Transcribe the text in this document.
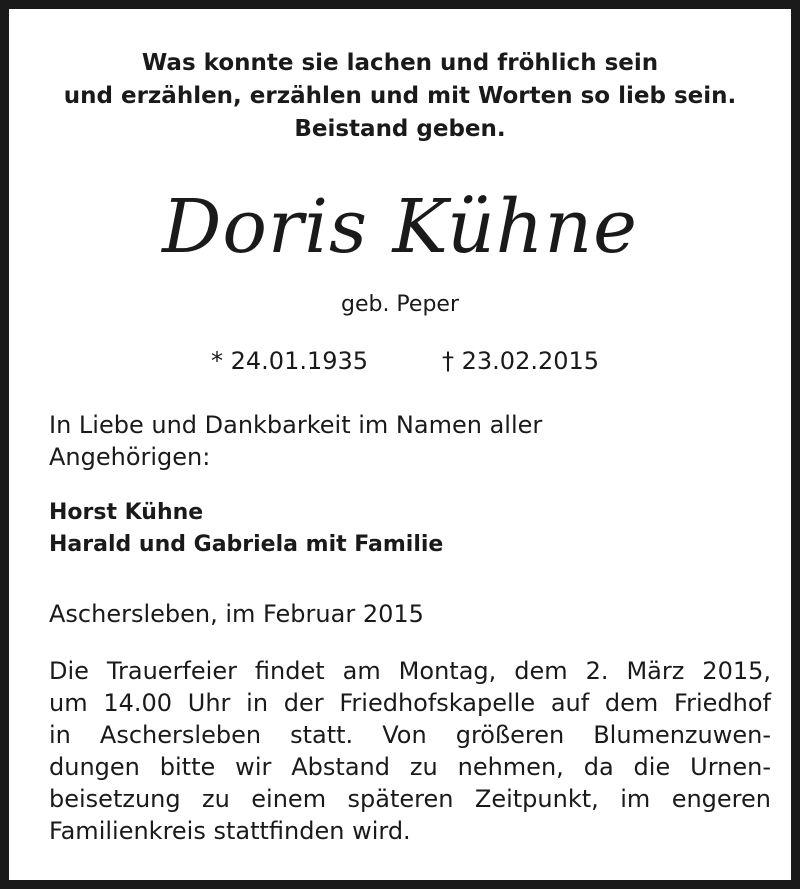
Was konnte sie lachen und fröhlich sein
und erzählen, erzählen und mit Worten so lieb sein.
Beistand geben.
Doris Kühne
geb. Peper
* 24.01.1935	† 23.02.2015
In Liebe und Dankbarkeit im Namen aller
Angehörigen:
Horst Kühne
Harald und Gabriela mit Familie
Aschersleben, im Februar 2015
Die Trauerfeier findet am Montag, dem 2. März 2015,
um 14.00 Uhr in der Friedhofskapelle auf dem Friedhof
in Aschersleben statt. Von größeren Blumenzuwen-
dungen bitte wir Abstand zu nehmen, da die Urnen-
beisetzung zu einem späteren Zeitpunkt, im engeren
Familienkreis stattfinden wird.
